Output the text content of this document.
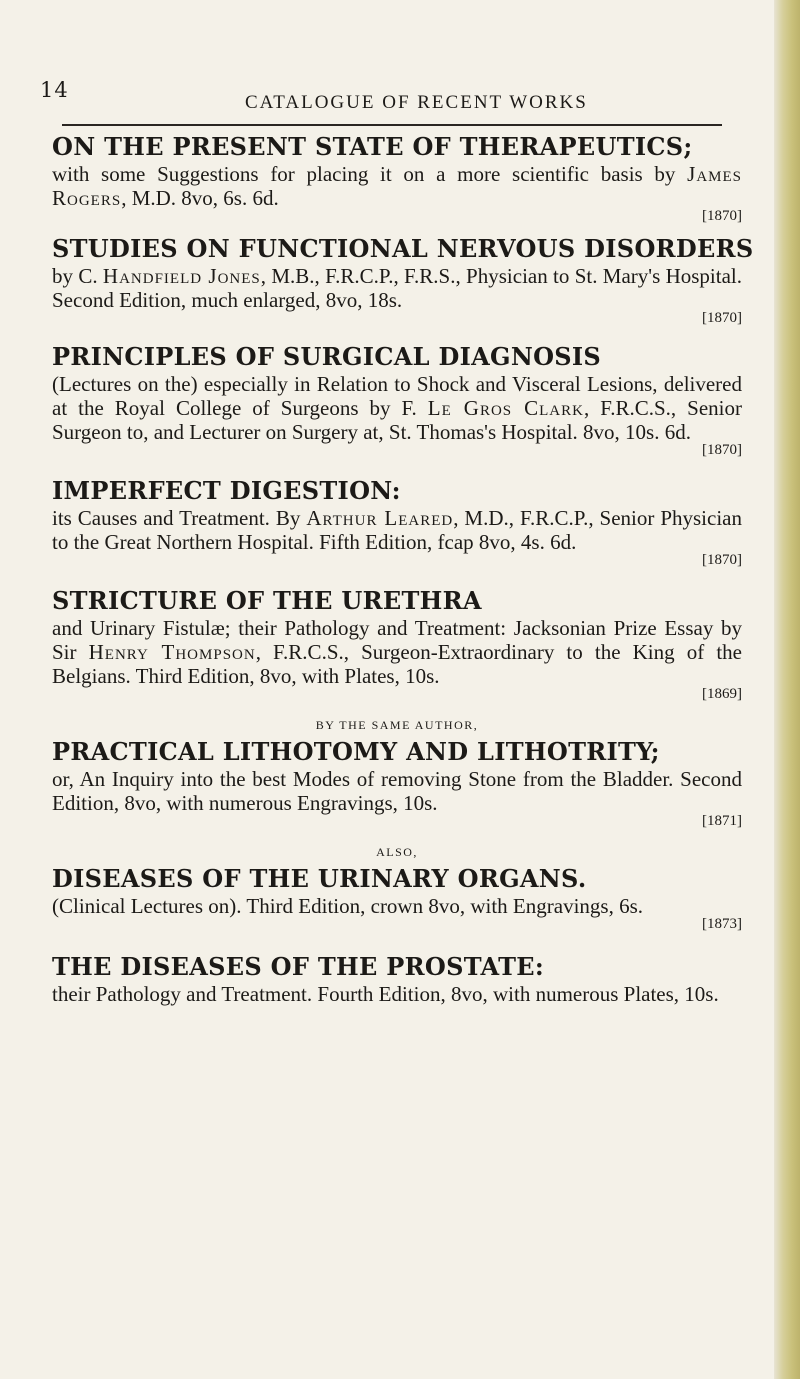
14
CATALOGUE OF RECENT WORKS
ON THE PRESENT STATE OF THERAPEUTICS;
with some Suggestions for placing it on a more scientific basis by James Rogers, M.D. 8vo, 6s. 6d.
[1870]
STUDIES ON FUNCTIONAL NERVOUS DISORDERS
by C. Handfield Jones, M.B., F.R.C.P., F.R.S., Physician to St. Mary's Hospital. Second Edition, much enlarged, 8vo, 18s.
[1870]
PRINCIPLES OF SURGICAL DIAGNOSIS
(Lectures on the) especially in Relation to Shock and Visceral Lesions, delivered at the Royal College of Surgeons by F. Le Gros Clark, F.R.C.S., Senior Surgeon to, and Lecturer on Surgery at, St. Thomas's Hospital. 8vo, 10s. 6d.
[1870]
IMPERFECT DIGESTION:
its Causes and Treatment. By Arthur Leared, M.D., F.R.C.P., Senior Physician to the Great Northern Hospital. Fifth Edition, fcap 8vo, 4s. 6d.
[1870]
STRICTURE OF THE URETHRA
and Urinary Fistulæ; their Pathology and Treatment: Jacksonian Prize Essay by Sir Henry Thompson, F.R.C.S., Surgeon-Extraordinary to the King of the Belgians. Third Edition, 8vo, with Plates, 10s.
[1869]
BY THE SAME AUTHOR,
PRACTICAL LITHOTOMY AND LITHOTRITY;
or, An Inquiry into the best Modes of removing Stone from the Bladder. Second Edition, 8vo, with numerous Engravings, 10s.
[1871]
ALSO,
DISEASES OF THE URINARY ORGANS.
(Clinical Lectures on). Third Edition, crown 8vo, with Engravings, 6s.
[1873]
THE DISEASES OF THE PROSTATE:
their Pathology and Treatment. Fourth Edition, 8vo, with numerous Plates, 10s.
